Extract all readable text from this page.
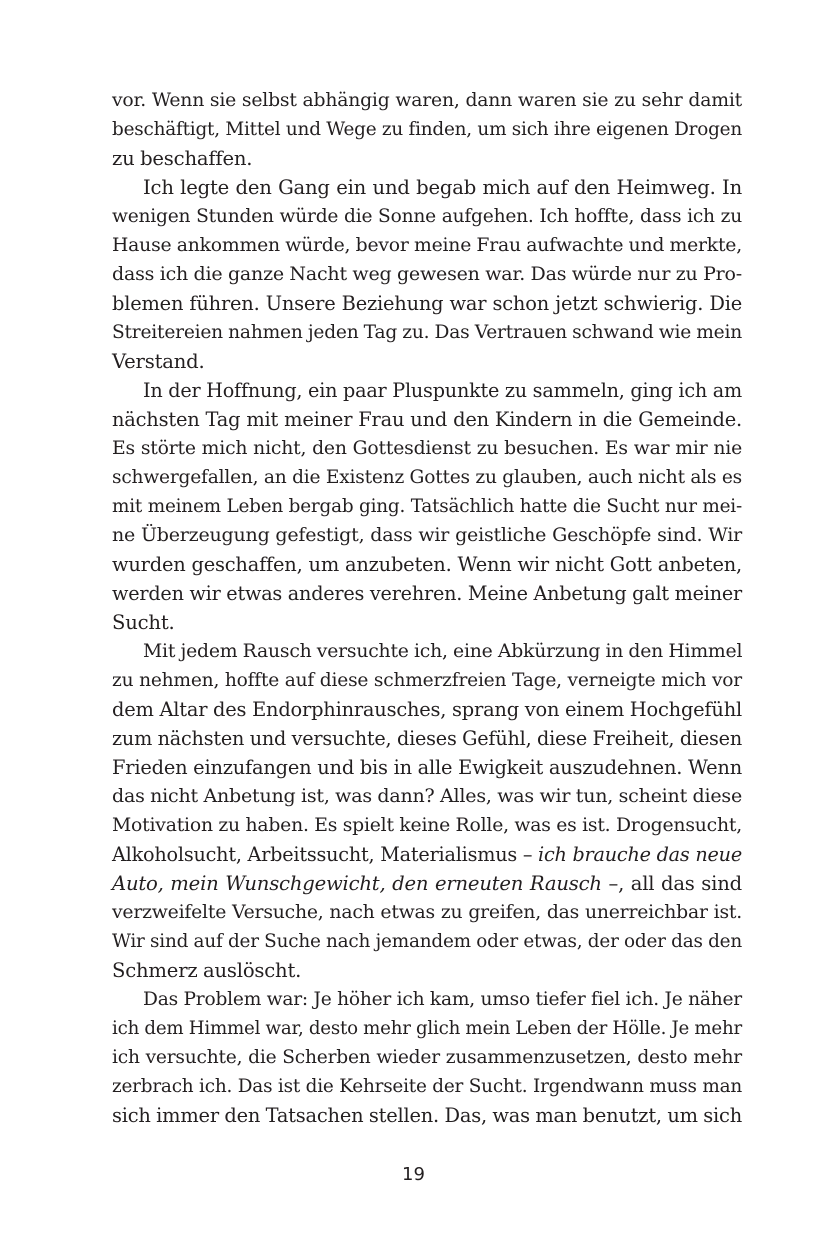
vor. Wenn sie selbst abhängig waren, dann waren sie zu sehr damit
beschäftigt, Mittel und Wege zu finden, um sich ihre eigenen Drogen
zu beschaffen.

Ich legte den Gang ein und begab mich auf den Heimweg. In
wenigen Stunden würde die Sonne aufgehen. Ich hoffte, dass ich zu
Hause ankommen würde, bevor meine Frau aufwachte und merkte,
dass ich die ganze Nacht weg gewesen war. Das würde nur zu Pro-
blemen führen. Unsere Beziehung war schon jetzt schwierig. Die
Streitereien nahmen jeden Tag zu. Das Vertrauen schwand wie mein
Verstand.

In der Hoffnung, ein paar Pluspunkte zu sammeln, ging ich am
nächsten Tag mit meiner Frau und den Kindern in die Gemeinde.
Es störte mich nicht, den Gottesdienst zu besuchen. Es war mir nie
schwergefallen, an die Existenz Gottes zu glauben, auch nicht als es
mit meinem Leben bergab ging. Tatsächlich hatte die Sucht nur mei-
ne Überzeugung gefestigt, dass wir geistliche Geschöpfe sind. Wir
wurden geschaffen, um anzubeten. Wenn wir nicht Gott anbeten,
werden wir etwas anderes verehren. Meine Anbetung galt meiner
Sucht.

Mit jedem Rausch versuchte ich, eine Abkürzung in den Himmel
zu nehmen, hoffte auf diese schmerzfreien Tage, verneigte mich vor
dem Altar des Endorphinrausches, sprang von einem Hochgefühl
zum nächsten und versuchte, dieses Gefühl, diese Freiheit, diesen
Frieden einzufangen und bis in alle Ewigkeit auszudehnen. Wenn
das nicht Anbetung ist, was dann? Alles, was wir tun, scheint diese
Motivation zu haben. Es spielt keine Rolle, was es ist. Drogensucht,
Alkoholsucht, Arbeitssucht, Materialismus – ich brauche das neue
Auto, mein Wunschgewicht, den erneuten Rausch –, all das sind
verzweifelte Versuche, nach etwas zu greifen, das unerreichbar ist.
Wir sind auf der Suche nach jemandem oder etwas, der oder das den
Schmerz auslöscht.

Das Problem war: Je höher ich kam, umso tiefer fiel ich. Je näher
ich dem Himmel war, desto mehr glich mein Leben der Hölle. Je mehr
ich versuchte, die Scherben wieder zusammenzusetzen, desto mehr
zerbrach ich. Das ist die Kehrseite der Sucht. Irgendwann muss man
sich immer den Tatsachen stellen. Das, was man benutzt, um sich

19
